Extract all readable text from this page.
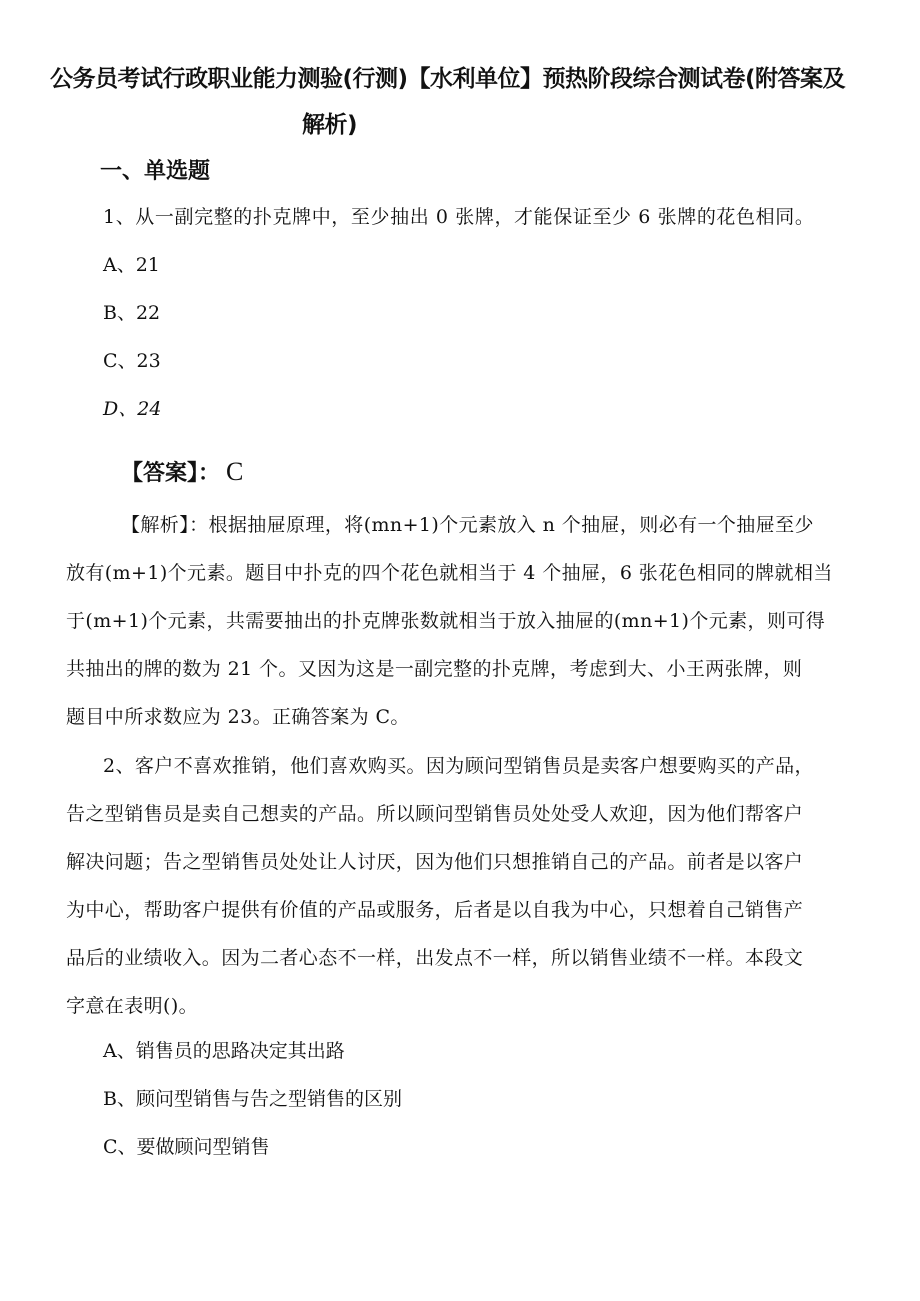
公务员考试行政职业能力测验(行测)【水利单位】预热阶段综合测试卷(附答案及
解析)
一、单选题
1、从一副完整的扑克牌中，至少抽出 0 张牌，才能保证至少 6 张牌的花色相同。
A、21
B、22
C、23
D、24
【答案】： C
【解析】：根据抽屉原理，将(mn+1)个元素放入 n 个抽屉，则必有一个抽屉至少
放有(m+1)个元素。题目中扑克的四个花色就相当于 4 个抽屉，6 张花色相同的牌就相当
于(m+1)个元素，共需要抽出的扑克牌张数就相当于放入抽屉的(mn+1)个元素，则可得
共抽出的牌的数为 21 个。又因为这是一副完整的扑克牌，考虑到大、小王两张牌，则
题目中所求数应为 23。正确答案为 C。
2、客户不喜欢推销，他们喜欢购买。因为顾问型销售员是卖客户想要购买的产品，
告之型销售员是卖自己想卖的产品。所以顾问型销售员处处受人欢迎，因为他们帮客户
解决问题；告之型销售员处处让人讨厌，因为他们只想推销自己的产品。前者是以客户
为中心，帮助客户提供有价值的产品或服务，后者是以自我为中心，只想着自己销售产
品后的业绩收入。因为二者心态不一样，出发点不一样，所以销售业绩不一样。本段文
字意在表明()。
A、销售员的思路决定其出路
B、顾问型销售与告之型销售的区别
C、要做顾问型销售
